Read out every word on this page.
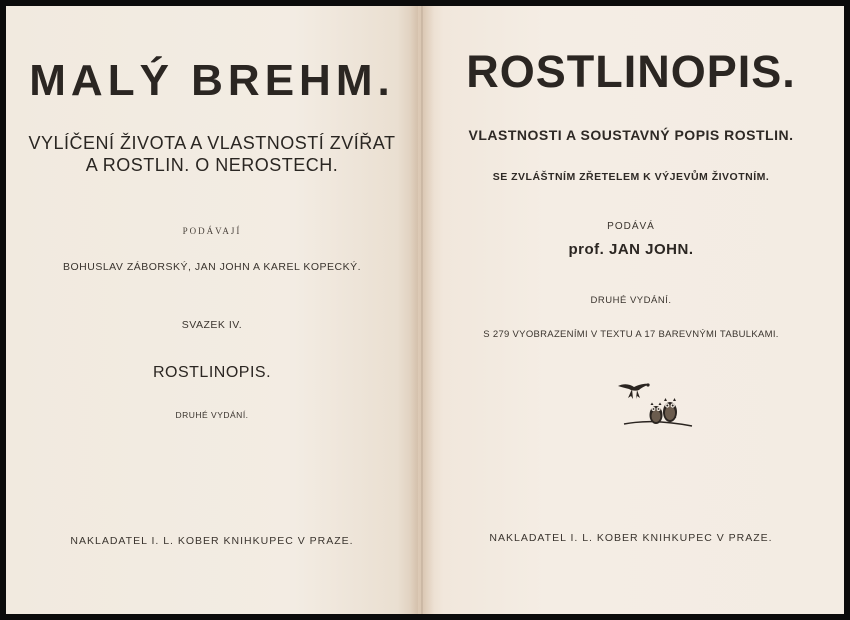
MALÝ BREHM.
VYLÍČENÍ ŽIVOTA A VLASTNOSTÍ ZVÍŘAT
A ROSTLIN. O NEROSTECH.
PODÁVAJÍ
BOHUSLAV ZÁBORSKÝ, JAN JOHN A KAREL KOPECKÝ.
SVAZEK IV.
ROSTLINOPIS.
DRUHÉ VYDÁNÍ.
NAKLADATEL I. L. KOBER KNIHKUPEC V PRAZE.
ROSTLINOPIS.
VLASTNOSTI A SOUSTAVNÝ POPIS ROSTLIN.
SE ZVLÁŠTNÍM ZŘETELEM K VÝJEVŮM ŽIVOTNÍM.
PODÁVÁ
prof. JAN JOHN.
DRUHÉ VYDÁNÍ.
S 279 VYOBRAZENÍMI V TEXTU A 17 BAREVNÝMI TABULKAMI.
NAKLADATEL I. L. KOBER KNIHKUPEC V PRAZE.
